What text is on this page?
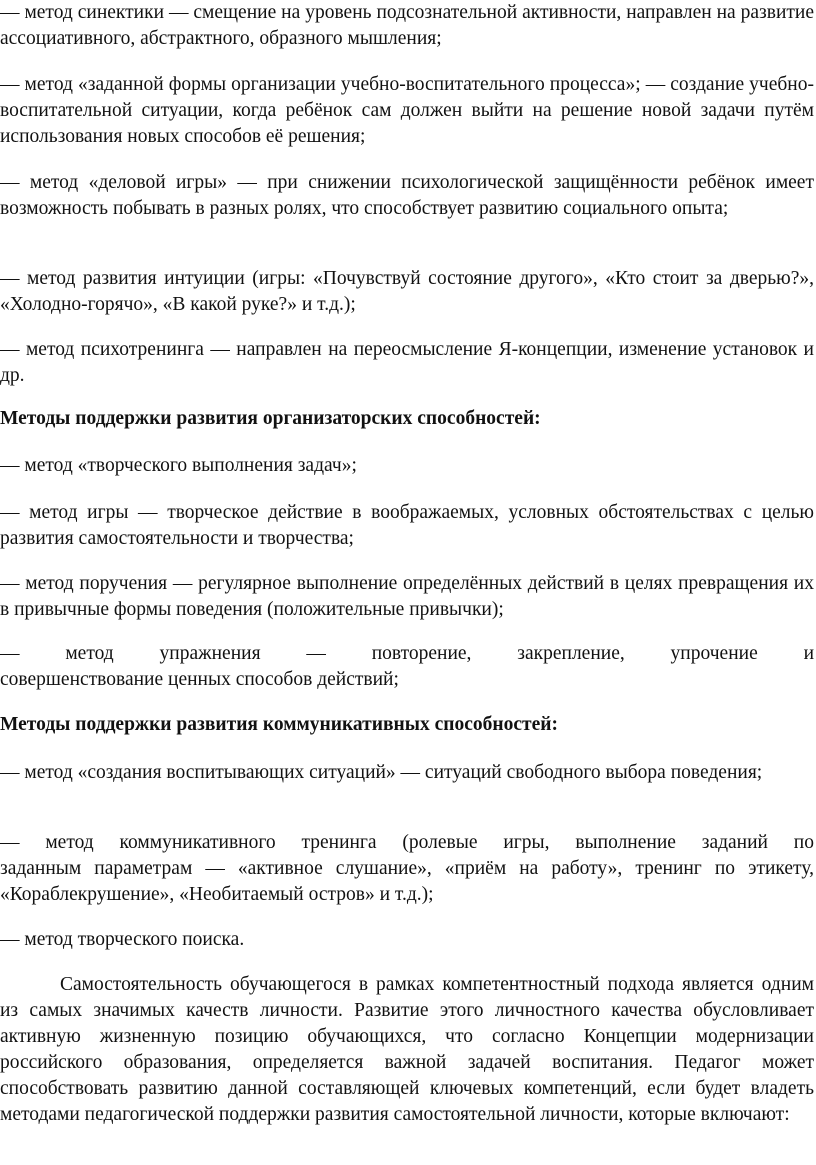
— метод синектики — смещение на уровень подсознательной активности, направлен на развитие ассоциативного, абстрактного, образного мышления;

— метод «заданной формы организации учебно-воспитательного процесса»; — создание учебно-воспитательной ситуации, когда ребёнок сам должен выйти на решение новой задачи путём использования новых способов её решения;

— метод «деловой игры» — при снижении психологической защищённости ребёнок имеет возможность побывать в разных ролях, что способствует развитию социального опыта;

— метод развития интуиции (игры: «Почувствуй состояние другого», «Кто стоит за дверью?», «Холодно-горячо», «В какой руке?» и т.д.);

— метод психотренинга — направлен на переосмысление Я-концепции, изменение установок и др.

Методы поддержки развития организаторских способностей:

— метод «творческого выполнения задач»;

— метод игры — творческое действие в воображаемых, условных обстоятельствах с целью развития самостоятельности и творчества;

— метод поручения — регулярное выполнение определённых действий в целях превращения их в привычные формы поведения (положительные привычки);

— метод упражнения — повторение, закрепление, упрочение и
совершенствование ценных способов действий;

Методы поддержки развития коммуникативных способностей:

— метод «создания воспитывающих ситуаций» — ситуаций свободного выбора поведения;

— метод коммуникативного тренинга (ролевые игры, выполнение заданий по
заданным параметрам — «активное слушание», «приём на работу», тренинг по этикету, «Кораблекрушение», «Необитаемый остров» и т.д.);

— метод творческого поиска.

Самостоятельность обучающегося в рамках компетентностный подхода является одним из самых значимых качеств личности. Развитие этого личностного качества обусловливает активную жизненную позицию обучающихся, что согласно Концепции модернизации российского образования, определяется важной задачей воспитания. Педагог может способствовать развитию данной составляющей ключевых компетенций, если будет владеть методами педагогической поддержки развития самостоятельной личности, которые включают:
